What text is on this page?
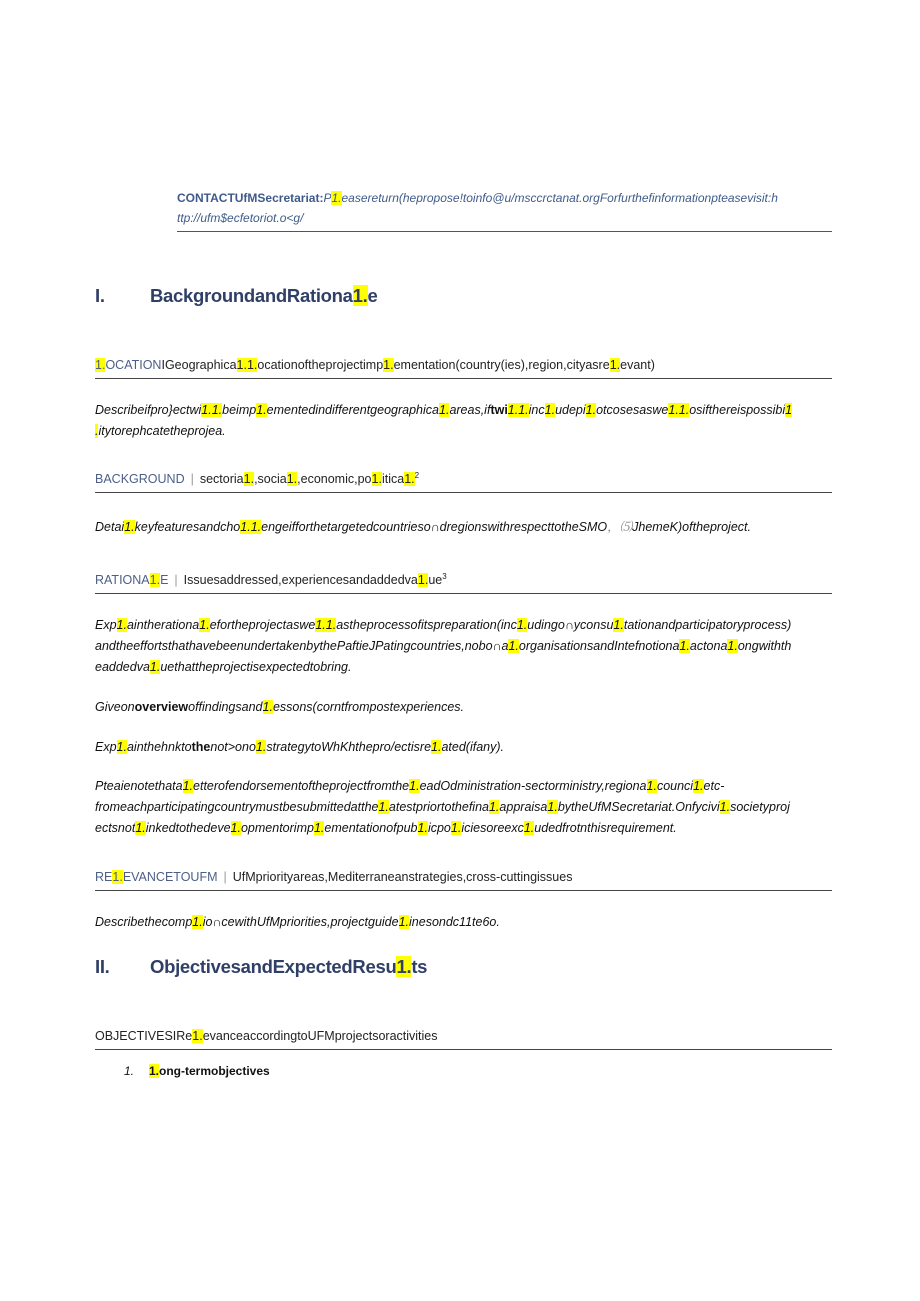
CONTACTUfMSecretariat:P1.easereturn(hepropose!toinfo@u/msccrctanat.orgForfurthefinformationpteasevisit:h
ttp://ufm$ecfetoriot.o<g/
I. BackgroundandRationa1.e
1.OCATIONIGeographica1.1.ocationoftheprojectimp1.ementation(country(ies),region,cityasre1.evant)
Describeifpro}ectwi1.1.beimp1.ementedindifferentgeographica1.areas,iftwi1.1.inc1.udepi1.otcosesaswe1.1.osifthereispossibi1
.itytorephcatetheprojea.
BACKGROUND | sectoria1.,socia1.,economic,po1.itica1.$^2$
Detai1.keyfeaturesandcho1.1.engeifforthetargetedcountrieso∩dregionswithrespecttotheSMO，⑸JhemeK)oftheproject.
RATIONA1.E | $Issuesaddressed,experiencesandaddedva1.ue^3$
Exp1.aintherationa1.efortheprojectaswe1.1.astheprocessofitspreparation(inc1.udingo∩yconsu1.tationandparticipatoryprocess)
andtheeffortsthathavebeenundertakenbythePaftieJPatingcountries,nobo∩a1.organisationsandIntefnotiona1.actona1.ongwithth
eaddedva1.uethattheprojectisexpectedtobring.
Giveonoverviewoffindingsand1.essons(corntfrompostexperiences.
Exp1.ainthehnktothenot>ono1.strategytoWhKhthepro/ectisre1.ated(ifany).
Pteaienotethata1.etterofendorsementoftheprojectfromthe1.eadOdministration-sectorministry,regiona1.counci1.etc-
fromeachparticipatingcountrymustbesubmittedatthe1.atestpriortothefina1.appraisa1.bytheUfMSecretariat.Onfycivi1.societyproj
ectsnot1.inkedtothedeve1.opmentorimp1.ementationofpub1.icpo1.iciesoreexc1.udedfrotnthisrequirement.
RE1.EVANCETOUFM | UfMpriorityareas,Mediterraneanstrategies,cross-cuttingissues
Describethecomp1.io∩cewithUfMpriorities,projectguide1.inesondc11te6o.
II. ObjectivesandExpectedResu1.ts
OBJECTIVESIRe1.evanceaccordingtoUFMprojectsoractivities
1. 1.ong-termobjectives
